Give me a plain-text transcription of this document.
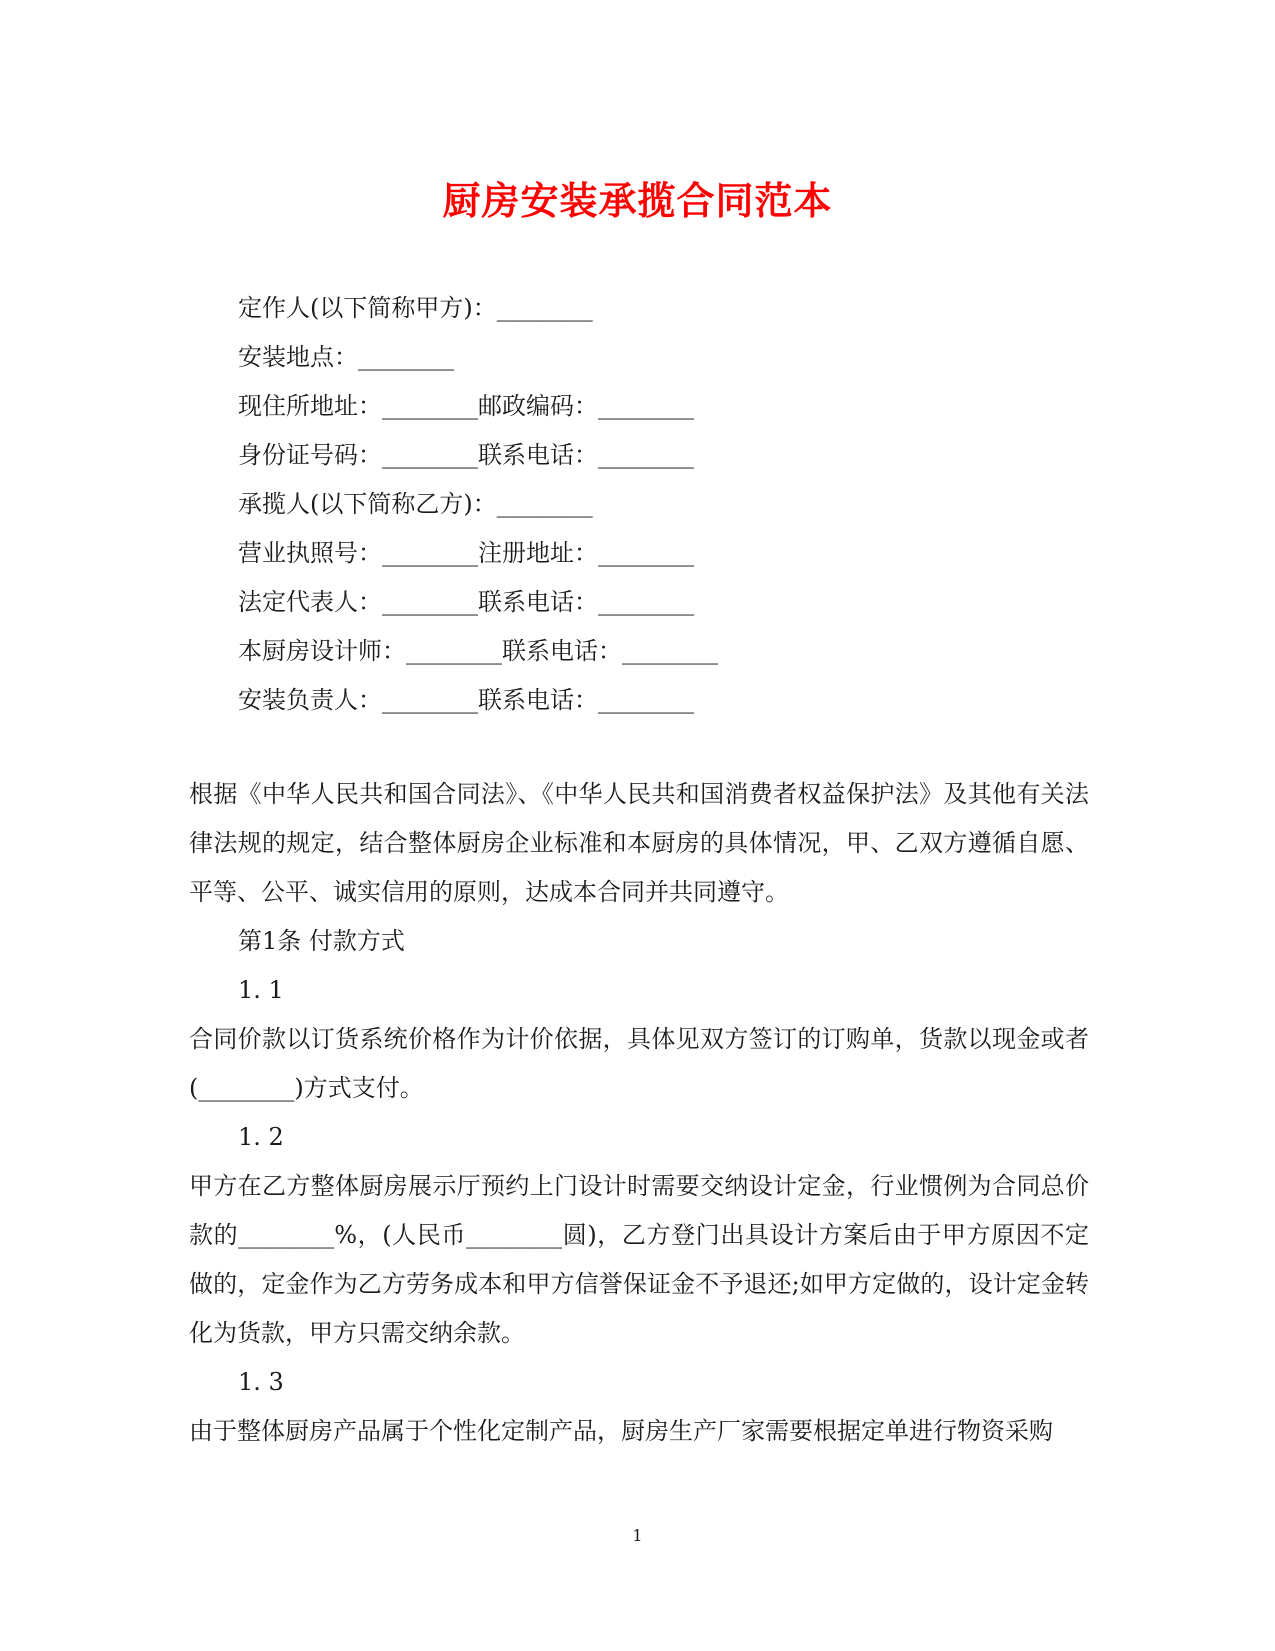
厨房安装承揽合同范本
定作人(以下简称甲方)：________
安装地点：________
现住所地址：________邮政编码：________
身份证号码：________联系电话：________
承揽人(以下简称乙方)：________
营业执照号：________注册地址：________
法定代表人：________联系电话：________
本厨房设计师：________联系电话：________
安装负责人：________联系电话：________

根据《中华人民共和国合同法》、《中华人民共和国消费者权益保护法》及其他有关法律法规的规定，结合整体厨房企业标准和本厨房的具体情况，甲、乙双方遵循自愿、平等、公平、诚实信用的原则，达成本合同并共同遵守。

第1条 付款方式

1. 1

合同价款以订货系统价格作为计价依据，具体见双方签订的订购单，货款以现金或者(________)方式支付。

1. 2

甲方在乙方整体厨房展示厅预约上门设计时需要交纳设计定金，行业惯例为合同总价款的________%，(人民币________圆)，乙方登门出具设计方案后由于甲方原因不定做的，定金作为乙方劳务成本和甲方信誉保证金不予退还;如甲方定做的，设计定金转化为货款，甲方只需交纳余款。

1. 3

由于整体厨房产品属于个性化定制产品，厨房生产厂家需要根据定单进行物资采购

1
